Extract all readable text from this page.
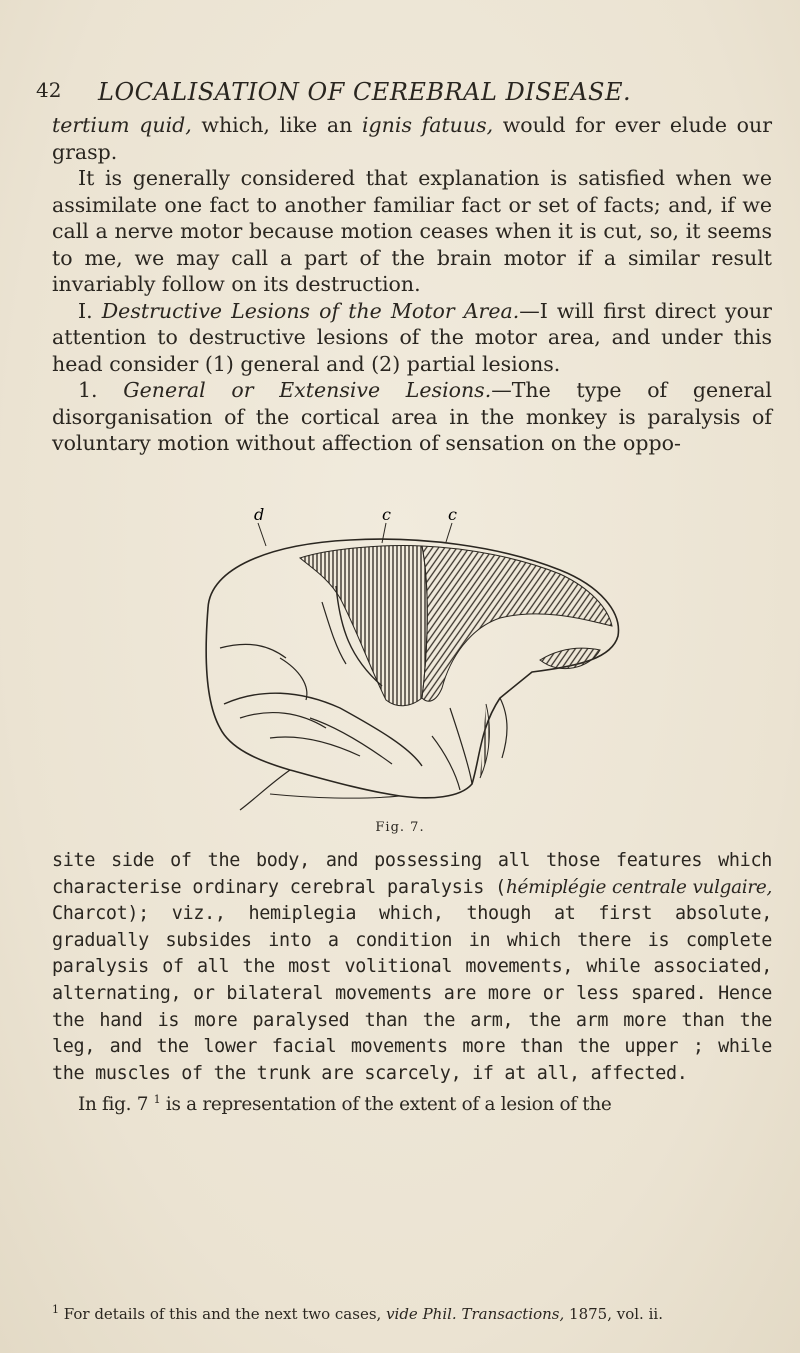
42 LOCALISATION OF CEREBRAL DISEASE.

tertium quid, which, like an ignis fatuus, would for ever elude our grasp.

It is generally considered that explanation is satisfied when we assimilate one fact to another familiar fact or set of facts; and, if we call a nerve motor because motion ceases when it is cut, so, it seems to me, we may call a part of the brain motor if a similar result invariably follow on its destruction.

I. Destructive Lesions of the Motor Area.—I will first direct your attention to destructive lesions of the motor area, and under this head consider (1) general and (2) partial lesions.

1. General or Extensive Lesions.—The type of general disorganisation of the cortical area in the monkey is paralysis of voluntary motion without affection of sensation on the oppo-

d	c	c
Fig. 7.

site side of the body, and possessing all those features which characterise ordinary cerebral paralysis (hémiplégie centrale vulgaire, Charcot); viz., hemiplegia which, though at first absolute, gradually subsides into a condition in which there is complete paralysis of all the most volitional movements, while associated, alternating, or bilateral movements are more or less spared. Hence the hand is more paralysed than the arm, the arm more than the leg, and the lower facial movements more than the upper ; while the muscles of the trunk are scarcely, if at all, affected.

In fig. 7 $^1$ is a representation of the extent of a lesion of the

$^1$ For details of this and the next two cases, vide Phil. Transactions, 1875, vol. ii.
